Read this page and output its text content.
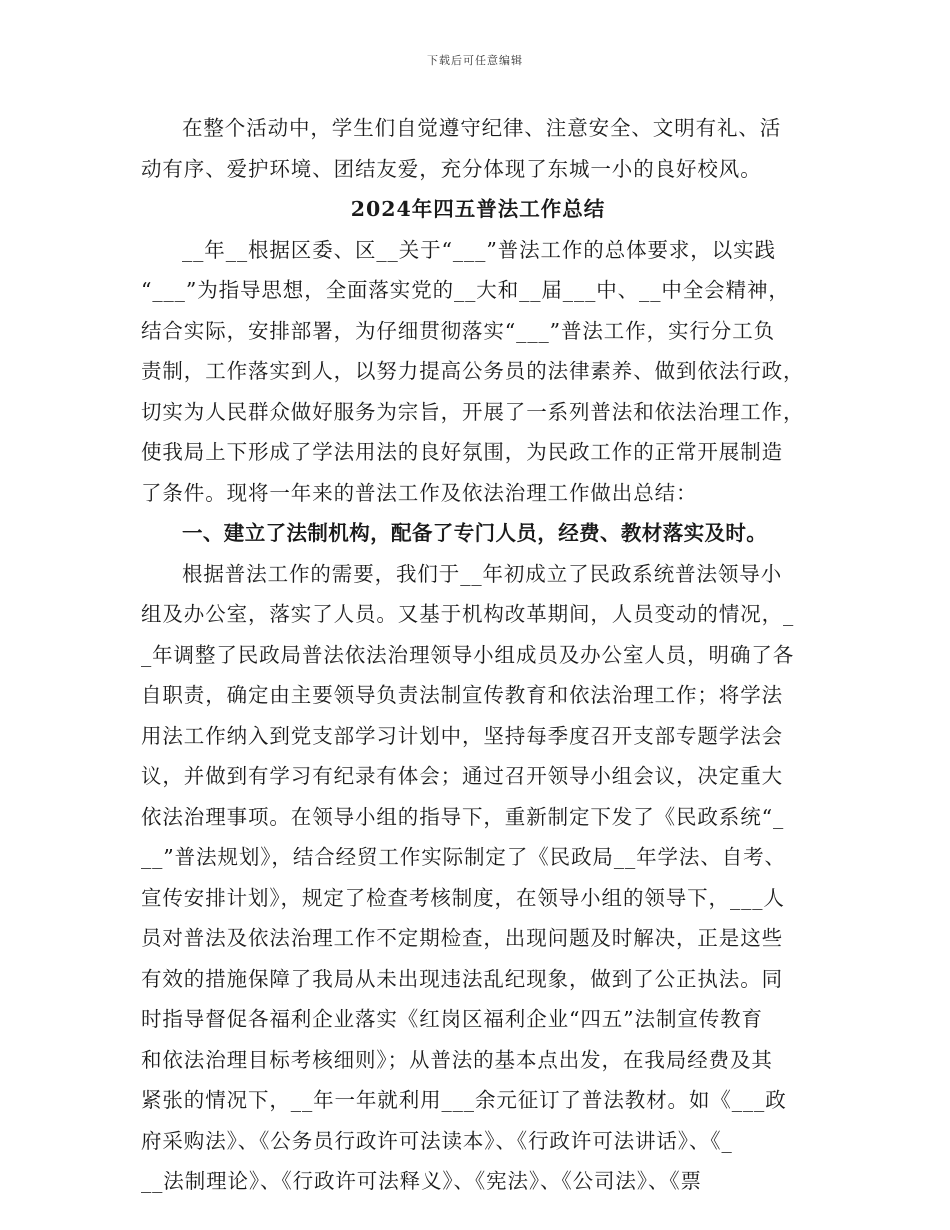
下载后可任意编辑
在整个活动中，学生们自觉遵守纪律、注意安全、文明有礼、活
动有序、爱护环境、团结友爱，充分体现了东城一小的良好校风。
2024年四五普法工作总结
__年__根据区委、区__关于“___”普法工作的总体要求，以实践
“___”为指导思想，全面落实党的__大和__届___中、__中全会精神，
结合实际，安排部署，为仔细贯彻落实“___”普法工作，实行分工负
责制，工作落实到人，以努力提高公务员的法律素养、做到依法行政，
切实为人民群众做好服务为宗旨，开展了一系列普法和依法治理工作，
使我局上下形成了学法用法的良好氛围，为民政工作的正常开展制造
了条件。现将一年来的普法工作及依法治理工作做出总结：
一、建立了法制机构，配备了专门人员，经费、教材落实及时。
根据普法工作的需要，我们于__年初成立了民政系统普法领导小
组及办公室，落实了人员。又基于机构改革期间，人员变动的情况，_
_年调整了民政局普法依法治理领导小组成员及办公室人员，明确了各
自职责，确定由主要领导负责法制宣传教育和依法治理工作；将学法
用法工作纳入到党支部学习计划中，坚持每季度召开支部专题学法会
议，并做到有学习有纪录有体会；通过召开领导小组会议，决定重大
依法治理事项。在领导小组的指导下，重新制定下发了《民政系统“_
__”普法规划》，结合经贸工作实际制定了《民政局__年学法、自考、
宣传安排计划》，规定了检查考核制度，在领导小组的领导下，___人
员对普法及依法治理工作不定期检查，出现问题及时解决，正是这些
有效的措施保障了我局从未出现违法乱纪现象，做到了公正执法。同
时指导督促各福利企业落实《红岗区福利企业“四五”法制宣传教育
和依法治理目标考核细则》；从普法的基本点出发，在我局经费及其
紧张的情况下，__年一年就利用___余元征订了普法教材。如《___政
府采购法》、《公务员行政许可法读本》、《行政许可法讲话》、《_
__法制理论》、《行政许可法释义》、《宪法》、《公司法》、《票
